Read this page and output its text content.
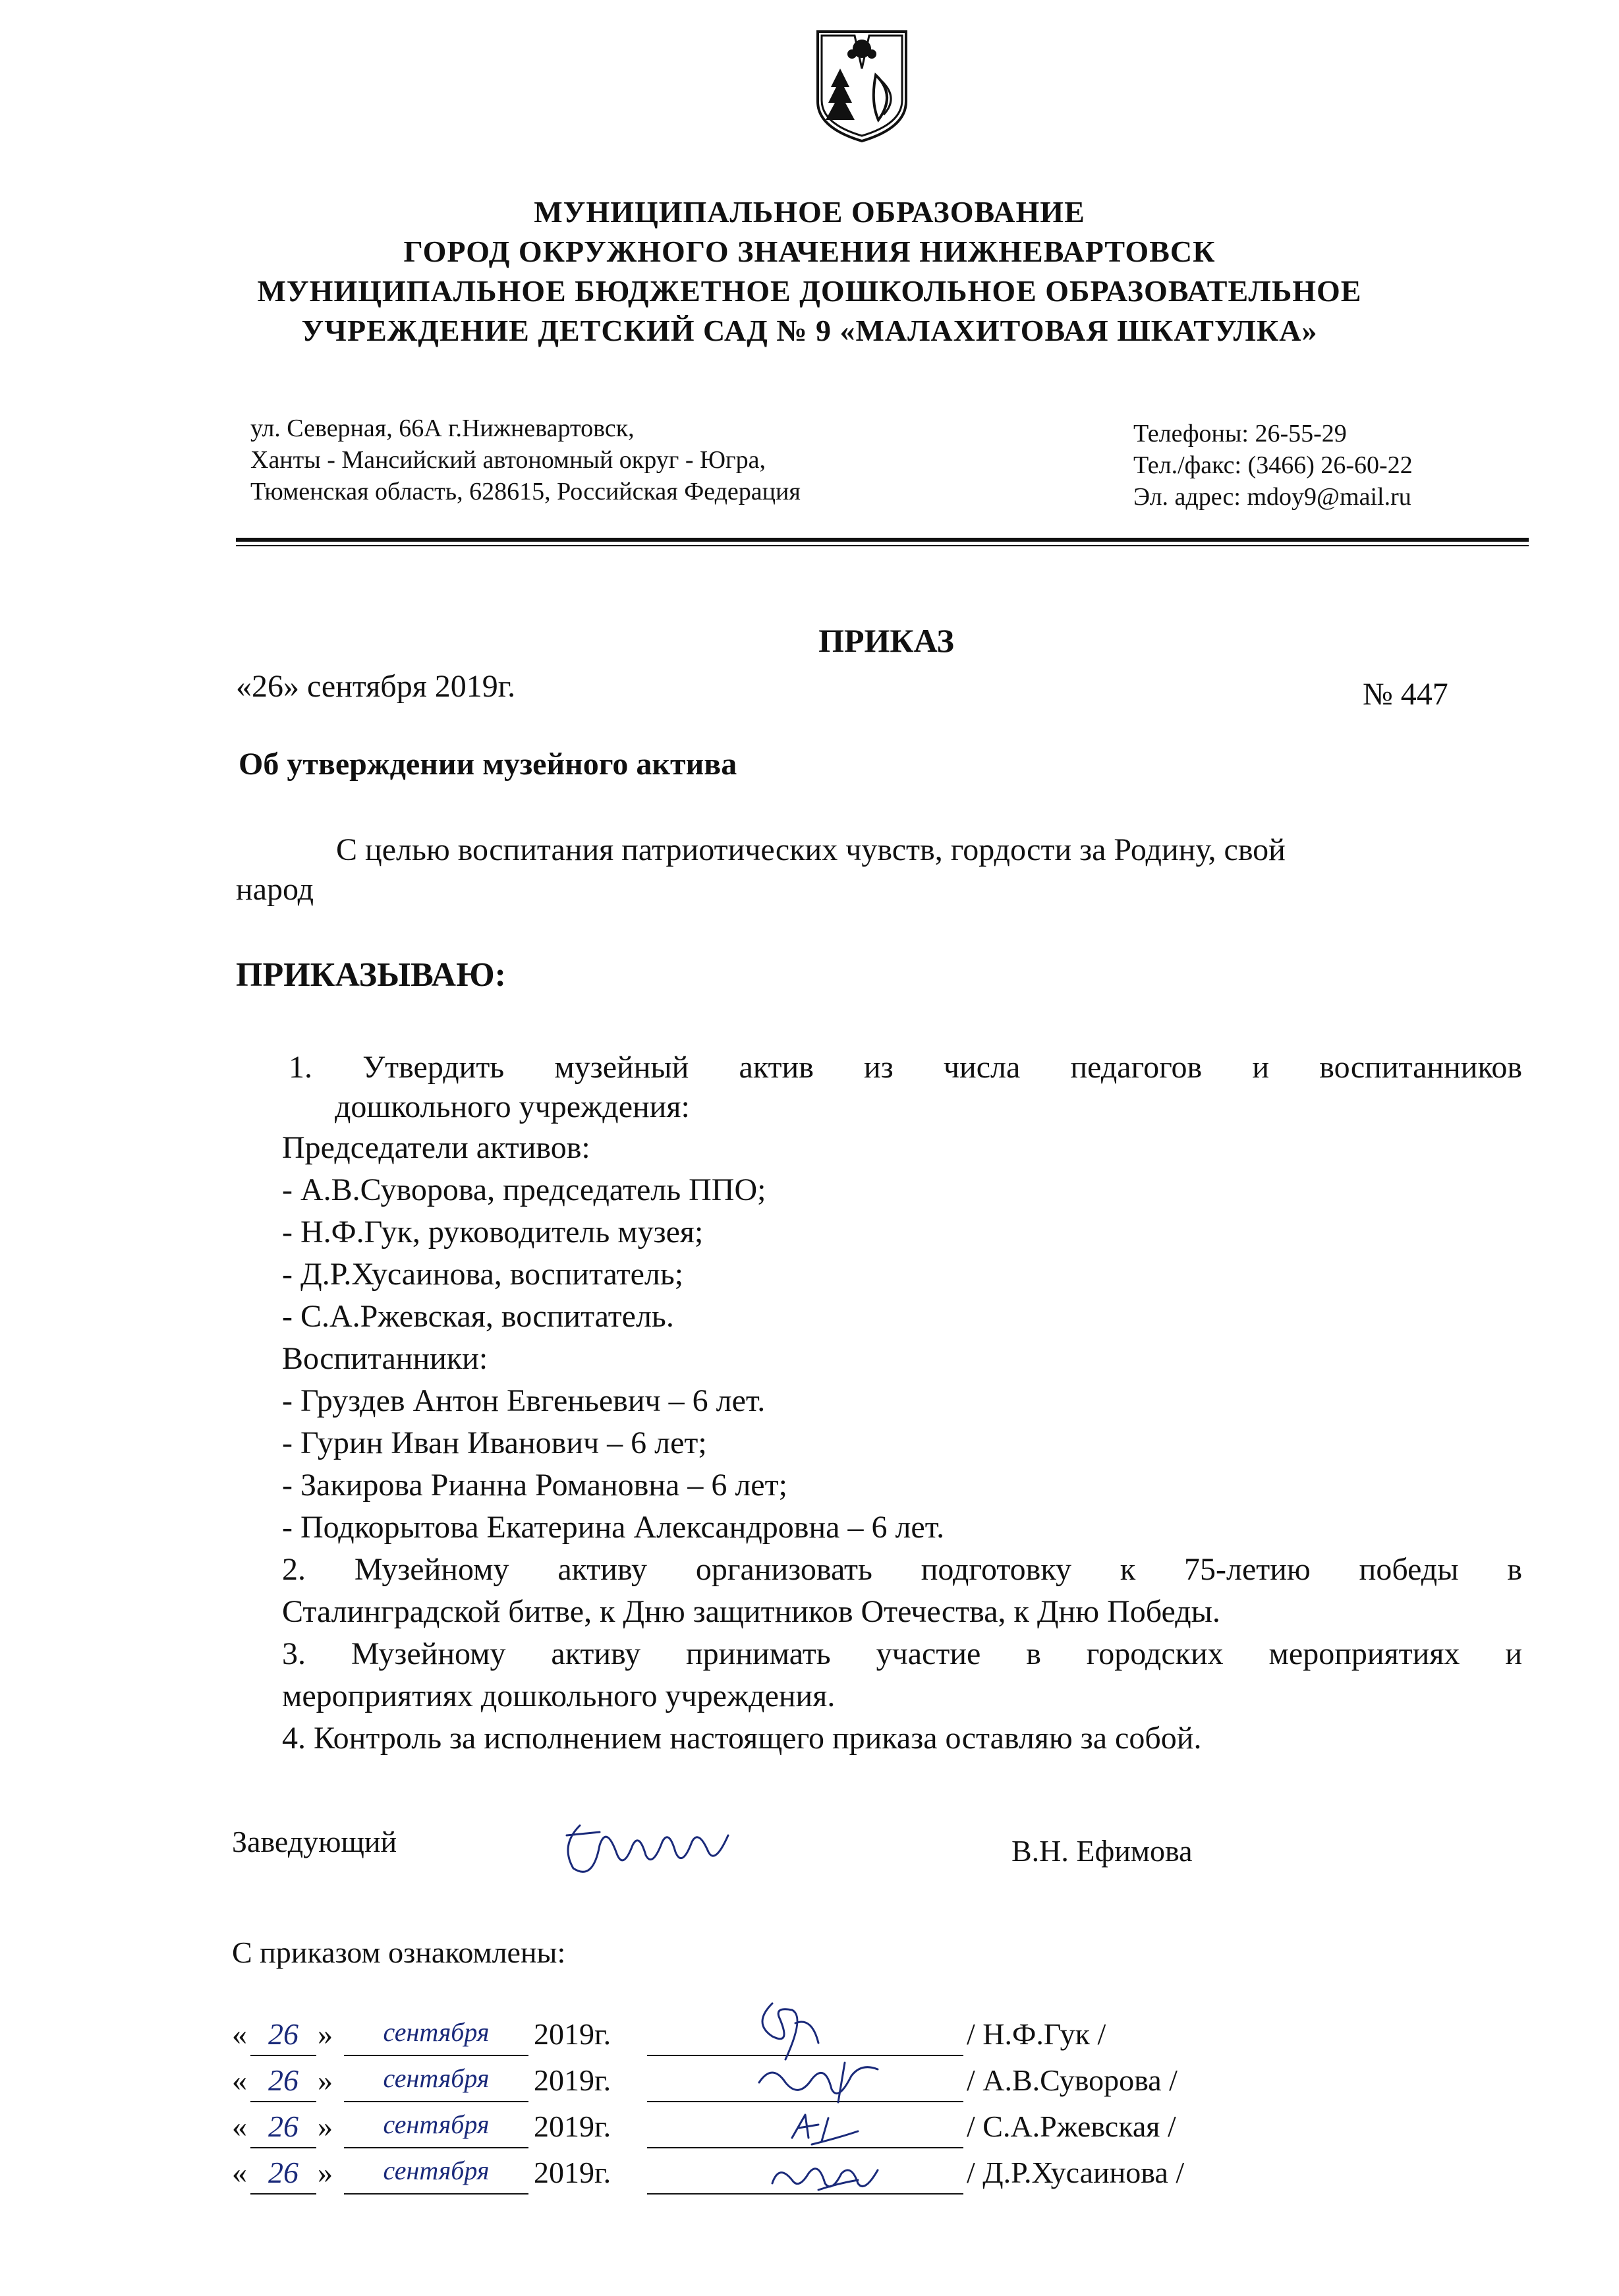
МУНИЦИПАЛЬНОЕ ОБРАЗОВАНИЕ
ГОРОД ОКРУЖНОГО ЗНАЧЕНИЯ НИЖНЕВАРТОВСК
МУНИЦИПАЛЬНОЕ БЮДЖЕТНОЕ ДОШКОЛЬНОЕ ОБРАЗОВАТЕЛЬНОЕ
УЧРЕЖДЕНИЕ ДЕТСКИЙ САД № 9 «МАЛАХИТОВАЯ ШКАТУЛКА»
ул. Северная, 66А г.Нижневартовск,
Ханты - Мансийский автономный округ - Югра,
Тюменская область, 628615, Российская Федерация
Телефоны: 26-55-29
Тел./факс: (3466) 26-60-22
Эл. адрес: mdoy9@mail.ru
ПРИКАЗ
«26» сентября 2019г.	№ 447
Об утверждении музейного актива
С целью воспитания патриотических чувств, гордости за Родину, свой
народ
ПРИКАЗЫВАЮ:
1. Утвердить музейный актив из числа педагогов и воспитанников
дошкольного учреждения:
Председатели активов:
- А.В.Суворова, председатель ППО;
- Н.Ф.Гук, руководитель музея;
- Д.Р.Хусаинова, воспитатель;
- С.А.Ржевская, воспитатель.
Воспитанники:
- Груздев Антон Евгеньевич – 6 лет.
- Гурин Иван Иванович – 6 лет;
- Закирова Рианна Романовна – 6 лет;
- Подкорытова Екатерина Александровна – 6 лет.
2. Музейному активу организовать подготовку к 75-летию победы в
Сталинградской битве, к Дню защитников Отечества, к Дню Победы.
3. Музейному активу принимать участие в городских мероприятиях и
мероприятиях дошкольного учреждения.
4. Контроль за исполнением настоящего приказа оставляю за собой.
Заведующий	В.Н. Ефимова
С приказом ознакомлены:
« 26 »	сентября	2019г.	/ Н.Ф.Гук /
« 26 »	сентября	2019г.	/ А.В.Суворова /
« 26 »	сентября	2019г.	/ С.А.Ржевская /
« 26 »	сентября	2019г.	/ Д.Р.Хусаинова /
